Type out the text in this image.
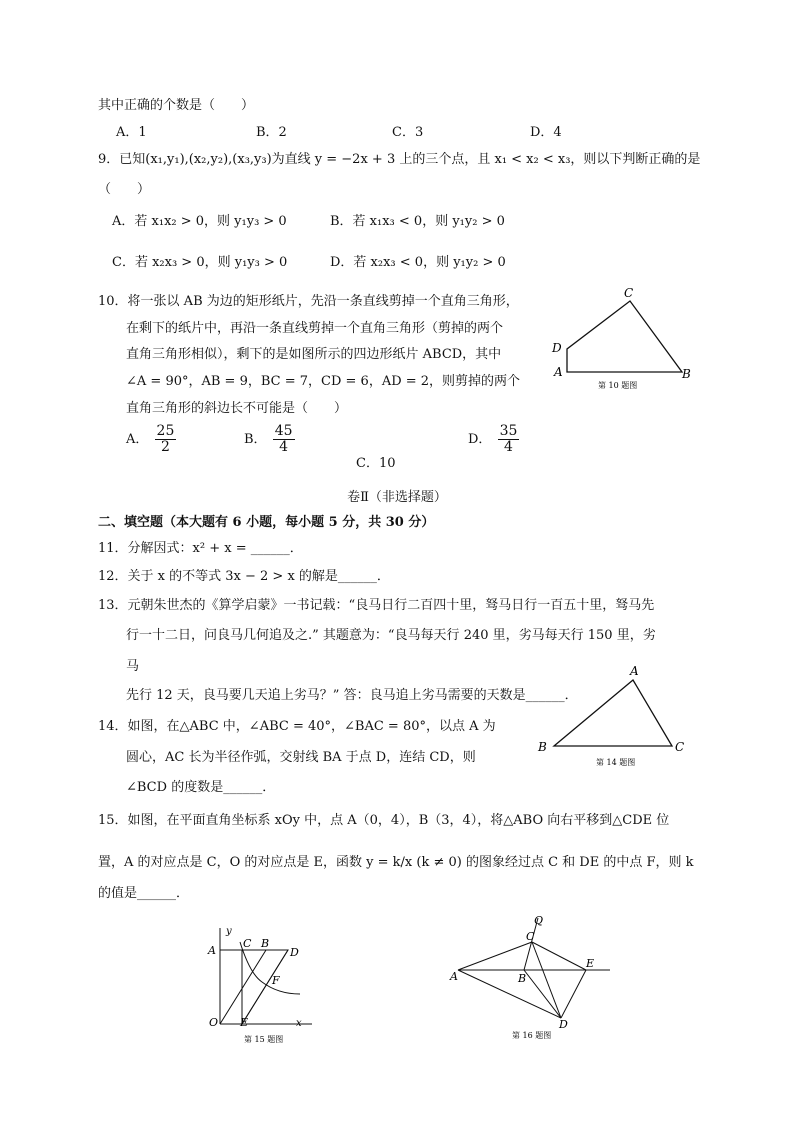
其中正确的个数是（　　）
A．1	B．2	C．3	D．4
9．已知(x₁,y₁),(x₂,y₂),(x₃,y₃)为直线 y = −2x + 3 上的三个点，且 x₁ < x₂ < x₃，则以下判断正确的是
（　　）
A．若 x₁x₂ > 0，则 y₁y₃ > 0	B．若 x₁x₃ < 0，则 y₁y₂ > 0
C．若 x₂x₃ > 0，则 y₁y₃ > 0	D．若 x₂x₃ < 0，则 y₁y₂ > 0
10．将一张以 AB 为边的矩形纸片，先沿一条直线剪掉一个直角三角形，
在剩下的纸片中，再沿一条直线剪掉一个直角三角形（剪掉的两个
直角三角形相似），剩下的是如图所示的四边形纸片 ABCD，其中
∠A = 90°，AB = 9，BC = 7，CD = 6，AD = 2，则剪掉的两个
直角三角形的斜边长不可能是（　　）
A． $\frac{25}{2}$	B． $\frac{45}{4}$
C．10
D． $\frac{35}{4}$
C
D
A	B
第 10 题图
卷Ⅱ（非选择题）
二、填空题（本大题有 6 小题，每小题 5 分，共 30 分）
11．分解因式：x² + x = ______．
12．关于 x 的不等式 3x − 2 > x 的解是______．
13．元朝朱世杰的《算学启蒙》一书记载：“良马日行二百四十里，驽马日行一百五十里，驽马先
行一十二日，问良马几何追及之.” 其题意为：“良马每天行 240 里，劣马每天行 150 里，劣
马
先行 12 天，良马要几天追上劣马？” 答：良马追上劣马需要的天数是______．
14．如图，在△ABC 中，∠ABC = 40°，∠BAC = 80°，以点 A 为
圆心，AC 长为半径作弧，交射线 BA 于点 D，连结 CD，则
∠BCD 的度数是______．
A
B	C
第 14 题图
15．如图，在平面直角坐标系 xOy 中，点 A（0，4），B（3，4），将△ABO 向右平移到△CDE 位
置，A 的对应点是 C，O 的对应点是 E，函数 y = k/x (k ≠ 0) 的图象经过点 C 和 DE 的中点 F，则 k
的值是______．
y
A
C B
D
F
O E	x
第 15 题图
Q
C
A	B
E
D
第 16 题图
